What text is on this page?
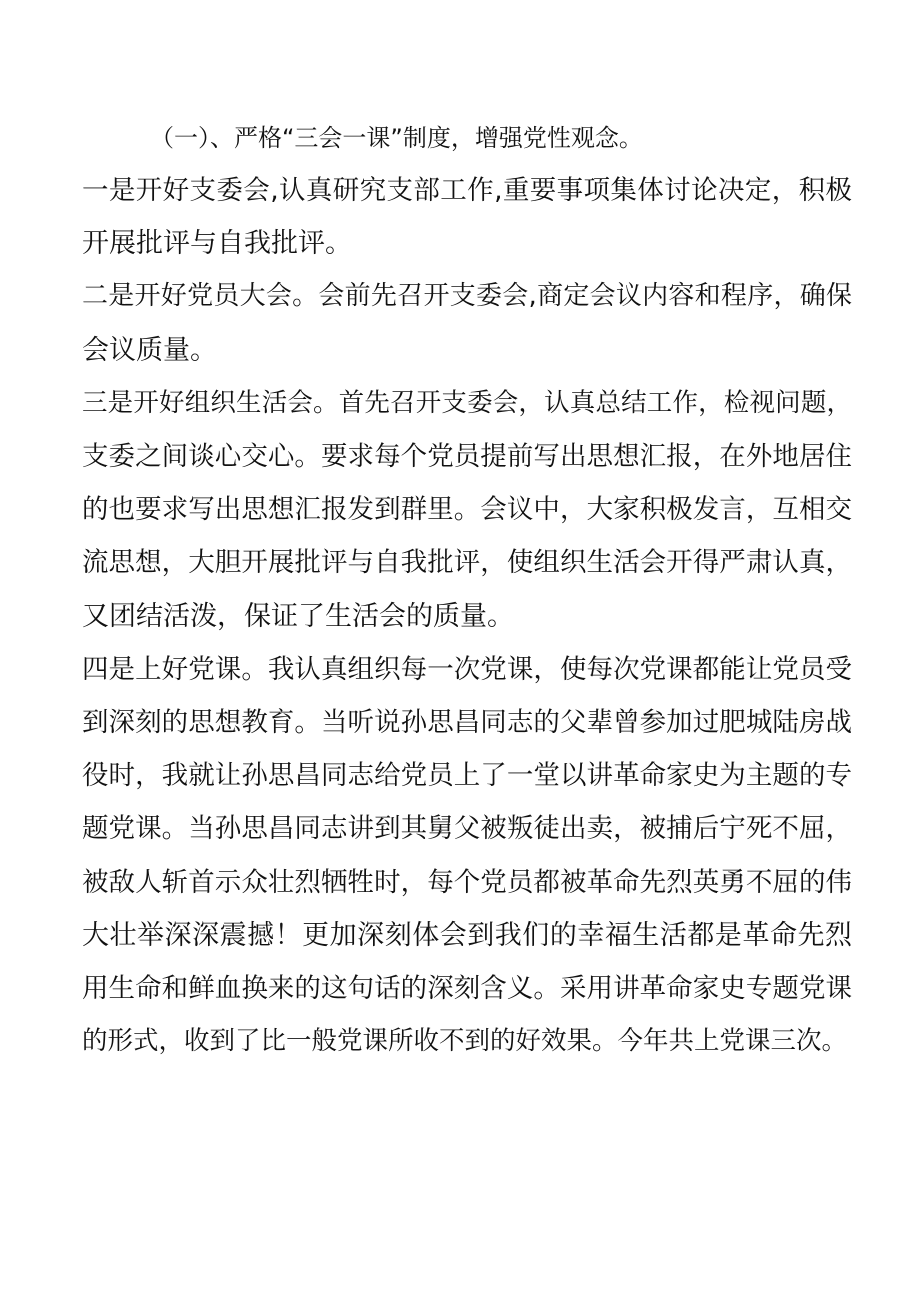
（一）、严格“三会一课”制度，增强党性观念。

一是开好支委会,认真研究支部工作,重要事项集体讨论决定，积极
开展批评与自我批评。
二是开好党员大会。会前先召开支委会,商定会议内容和程序，确保
会议质量。
三是开好组织生活会。首先召开支委会，认真总结工作，检视问题，
支委之间谈心交心。要求每个党员提前写出思想汇报，在外地居住
的也要求写出思想汇报发到群里。会议中，大家积极发言，互相交
流思想，大胆开展批评与自我批评，使组织生活会开得严肃认真，
又团结活泼，保证了生活会的质量。
四是上好党课。我认真组织每一次党课，使每次党课都能让党员受
到深刻的思想教育。当听说孙思昌同志的父辈曾参加过肥城陆房战
役时，我就让孙思昌同志给党员上了一堂以讲革命家史为主题的专
题党课。当孙思昌同志讲到其舅父被叛徒出卖，被捕后宁死不屈，
被敌人斩首示众壮烈牺牲时，每个党员都被革命先烈英勇不屈的伟
大壮举深深震撼！更加深刻体会到我们的幸福生活都是革命先烈
用生命和鲜血换来的这句话的深刻含义。采用讲革命家史专题党课
的形式，收到了比一般党课所收不到的好效果。今年共上党课三次。
